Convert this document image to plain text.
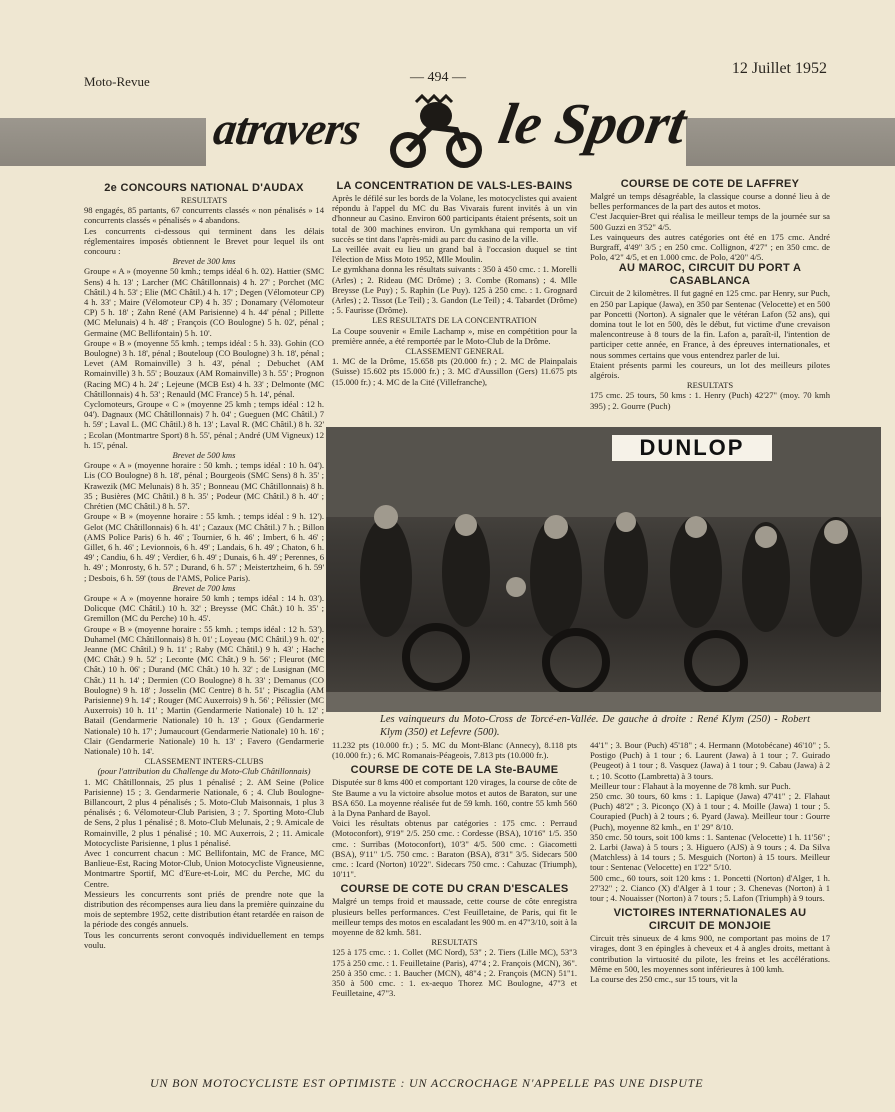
Moto-Revue	— 494 —
12 Juillet 1952
atravers le Sport

2e CONCOURS NATIONAL D'AUDAX

RESULTATS

98 engagés, 85 partants, 67 concurrents classés « non pénalisés » 14 concurrents classés « pénalisés » 4 abandons.

Les concurrents ci-dessous qui terminent dans les délais réglementaires imposés obtiennent le Brevet pour lequel ils ont concouru :

Brevet de 300 kms

Groupe « A » (moyenne 50 kmh.; temps idéal 6 h. 02). Hattier (SMC Sens) 4 h. 13' ; Larcher (MC Châtillonnais) 4 h. 27' ; Porchet (MC Châtil.) 4 h. 53' ; Elie (MC Châtil.) 4 h. 17' ; Degen (Vélomoteur CP) 4 h. 33' ; Maire (Vélomoteur CP) 4 h. 35' ; Donamary (Vélomoteur CP) 5 h. 18' ; Zahn René (AM Parisienne) 4 h. 44' pénal ; Pillette (MC Melunais) 4 h. 48' ; François (CO Boulogne) 5 h. 02', pénal ; Germaine (MC Bellifontain) 5 h. 10'.

Groupe « B » (moyenne 55 kmh. ; temps idéal : 5 h. 33). Gohin (CO Boulogne) 3 h. 18', pénal ; Bouteloup (CO Boulogne) 3 h. 18', pénal ; Levet (AM Romainville) 3 h. 43', pénal ; Debuchet (AM Romainville) 3 h. 55' ; Bouzaux (AM Romainville) 3 h. 55' ; Prognon (Racing MC) 4 h. 24' ; Lejeune (MCB Est) 4 h. 33' ; Delmonte (MC Châtillonnais) 4 h. 53' ; Renauld (MC France) 5 h. 14', pénal.

Cyclomoteurs, Groupe « C » (moyenne 25 kmh ; temps idéal : 12 h. 04'). Dagnaux (MC Châtillonnais) 7 h. 04' ; Gueguen (MC Châtil.) 7 h. 59' ; Laval L. (MC Châtil.) 8 h. 13' ; Laval R. (MC Châtil.) 8 h. 32' ; Ecolan (Montmartre Sport) 8 h. 55', pénal ; André (UM Vigneux) 12 h. 15', pénal.

Brevet de 500 kms

Groupe « A » (moyenne horaire : 50 kmh. ; temps idéal : 10 h. 04'). Lis (CO Boulogne) 8 h. 18', pénal ; Bourgeois (SMC Sens) 8 h. 35' ; Krawezik (MC Melunais) 8 h. 35' ; Bonneau (MC Châtillonnais) 8 h. 35 ; Busières (MC Châtil.) 8 h. 35' ; Podeur (MC Châtil.) 8 h. 40' ; Chrétien (MC Châtil.) 8 h. 57'.

Groupe « B » (moyenne horaire : 55 kmh. ; temps idéal : 9 h. 12'). Gelot (MC Châtillonnais) 6 h. 41' ; Cazaux (MC Châtil.) 7 h. ; Billon (AMS Police Paris) 6 h. 46' ; Tournier, 6 h. 46' ; Imbert, 6 h. 46' ; Gillet, 6 h. 46' ; Levionnois, 6 h. 49' ; Landais, 6 h. 49' ; Chaton, 6 h. 49' ; Candiu, 6 h. 49' ; Verdier, 6 h. 49' ; Dunais, 6 h. 49' ; Perennes, 6 h. 49' ; Monrosty, 6 h. 57' ; Durand, 6 h. 57' ; Meistertzheim, 6 h. 59' ; Desbois, 6 h. 59' (tous de l'AMS, Police Paris).

Brevet de 700 kms

Groupe « A » (moyenne horaire 50 kmh ; temps idéal : 14 h. 03'). Dolicque (MC Châtil.) 10 h. 32' ; Breysse (MC Chât.) 10 h. 35' ; Gremillon (MC du Perche) 10 h. 45'.

Groupe « B » (moyenne horaire : 55 kmh. ; temps idéal : 12 h. 53'). Duhamel (MC Châtillonnais) 8 h. 01' ; Loyeau (MC Châtil.) 9 h. 02' ; Jeanne (MC Châtil.) 9 h. 11' ; Raby (MC Châtil.) 9 h. 43' ; Hache (MC Chât.) 9 h. 52' ; Leconte (MC Chât.) 9 h. 56' ; Fleurot (MC Chât.) 10 h. 06' ; Durand (MC Chât.) 10 h. 32' ; de Lusignan (MC Chât.) 11 h. 14' ; Dermien (CO Boulogne) 8 h. 33' ; Demanus (CO Boulogne) 9 h. 18' ; Josselin (MC Centre) 8 h. 51' ; Piscaglia (AM Parisienne) 9 h. 14' ; Rouger (MC Auxerrois) 9 h. 56' ; Pélissier (MC Auxerrois) 10 h. 11' ; Martin (Gendarmerie Nationale) 10 h. 12' ; Batail (Gendarmerie Nationale) 10 h. 13' ; Goux (Gendarmerie Nationale) 10 h. 17' ; Jumaucourt (Gendarmerie Nationale) 10 h. 16' ; Clair (Gendarmerie Nationale) 10 h. 13' ; Favero (Gendarmerie Nationale) 10 h. 14'.

CLASSEMENT INTERS-CLUBS

(pour l'attribution du Challenge du Moto-Club Châtillonnais)

1. MC Châtillonnais, 25 plus 1 pénalisé ; 2. AM Seine (Police Parisienne) 15 ; 3. Gendarmerie Nationale, 6 ; 4. Club Boulogne-Billancourt, 2 plus 4 pénalisés ; 5. Moto-Club Maisonnais, 1 plus 3 pénalisés ; 6. Vélomoteur-Club Parisien, 3 ; 7. Sporting Moto-Club de Sens, 2 plus 1 pénalisé ; 8. Moto-Club Melunais, 2 ; 9. Amicale de Romainville, 2 plus 1 pénalisé ; 10. MC Auxerrois, 2 ; 11. Amicale Motocycliste Parisienne, 1 plus 1 pénalisé.

Avec 1 concurrent chacun : MC Bellifontain, MC de France, MC Banlieue-Est, Racing Motor-Club, Union Motocycliste Vigneusienne, Montmartre Sportif, MC d'Eure-et-Loir, MC du Perche, MC du Centre.

Messieurs les concurrents sont priés de prendre note que la distribution des récompenses aura lieu dans la première quinzaine du mois de septembre 1952, cette distribution étant retardée en raison de la période des congés annuels.

Tous les concurrents seront convoqués individuellement en temps voulu.

LA CONCENTRATION DE VALS-LES-BAINS

Après le défilé sur les bords de la Volane, les motocyclistes qui avaient répondu à l'appel du MC du Bas Vivarais furent invités à un vin d'honneur au Casino. Environ 600 participants étaient présents, soit un total de 300 machines environ. Un gymkhana qui remporta un vif succès se tint dans l'après-midi au parc du casino de la ville.

La veillée avait eu lieu un grand bal à l'occasion duquel se tint l'élection de Miss Moto 1952, Mlle Moulin.

Le gymkhana donna les résultats suivants : 350 à 450 cmc. : 1. Morelli (Arles) ; 2. Rideau (MC Drôme) ; 3. Combe (Romans) ; 4. Mlle Breysse (Le Puy) ; 5. Raphin (Le Puy). 125 à 250 cmc. : 1. Grognard (Arles) ; 2. Tissot (Le Teil) ; 3. Gandon (Le Teil) ; 4. Tabardet (Drôme) ; 5. Faurisse (Drôme).

LES RESULTATS DE LA CONCENTRATION

La Coupe souvenir « Emile Lachamp », mise en compétition pour la première année, a été remportée par le Moto-Club de la Drôme.

CLASSEMENT GENERAL

1. MC de la Drôme, 15.658 pts (20.000 fr.) ; 2. MC de Plainpalais (Suisse) 15.602 pts 15.000 fr.) ; 3. MC d'Aussillon (Gers) 11.675 pts (15.000 fr.) ; 4. MC de la Cité (Villefranche),

COURSE DE COTE DE LAFFREY

Malgré un temps désagréable, la classique course a donné lieu à de belles performances de la part des autos et motos.

C'est Jacquier-Bret qui réalisa le meilleur temps de la journée sur sa 500 Guzzi en 3'52" 4/5.

Les vainqueurs des autres catégories ont été en 175 cmc. André Burgraff, 4'49" 3/5 ; en 250 cmc. Collignon, 4'27" ; en 350 cmc. de Polo, 4'2" 4/5, et en 1.000 cmc. de Polo, 4'20" 4/5.

AU MAROC, CIRCUIT DU PORT A CASABLANCA

Circuit de 2 kilomètres. Il fut gagné en 125 cmc. par Henry, sur Puch, en 250 par Lapique (Jawa), en 350 par Sentenac (Velocette) et en 500 par Poncetti (Norton). A signaler que le vétéran Lafon (52 ans), qui domina tout le lot en 500, dès le début, fut victime d'une crevaison malencontreuse à 8 tours de la fin. Lafon a, paraît-il, l'intention de participer cette année, en France, à des épreuves internationales, et nous sommes certains que vous entendrez parler de lui.

Etaient présents parmi les coureurs, un lot des meilleurs pilotes algérois.

RESULTATS

175 cmc. 25 tours, 50 kms : 1. Henry (Puch) 42'27" (moy. 70 kmh 395) ; 2. Gourre (Puch)

DUNLOP
Les vainqueurs du Moto-Cross de Torcé-en-Vallée. De gauche à droite : René Klym (250) - Robert Klym (350) et Lefevre (500).

11.232 pts (10.000 fr.) ; 5. MC du Mont-Blanc (Annecy), 8.118 pts (10.000 fr.) ; 6. MC Romanais-Péageois, 7.813 pts (10.000 fr.).

COURSE DE COTE DE LA Ste-BAUME

Disputée sur 8 kms 400 et comportant 120 virages, la course de côte de Ste Baume a vu la victoire absolue motos et autos de Baraton, sur une BSA 650. La moyenne réalisée fut de 59 kmh. 160, contre 55 kmh 560 à la Dyna Panhard de Bayol.

Voici les résultats obtenus par catégories : 175 cmc. : Perraud (Motoconfort), 9'19" 2/5. 250 cmc. : Cordesse (BSA), 10'16" 1/5. 350 cmc. : Surribas (Motoconfort), 10'3" 4/5. 500 cmc. : Giacometti (BSA), 9'11" 1/5. 750 cmc. : Baraton (BSA), 8'31" 3/5. Sidecars 500 cmc. : Icard (Norton) 10'22". Sidecars 750 cmc. : Cahuzac (Triumph), 10'11".

COURSE DE COTE DU CRAN D'ESCALES

Malgré un temps froid et maussade, cette course de côte enregistra plusieurs belles performances. C'est Feuilletaine, de Paris, qui fit le meilleur temps des motos en escaladant les 900 m. en 47"3/10, soit à la moyenne de 82 kmh. 581.

RESULTATS

125 à 175 cmc. : 1. Collet (MC Nord), 53" ; 2. Tiers (Lille MC), 53"3 175 à 250 cmc. : 1. Feuilletaine (Paris), 47"4 ; 2. François (MCN), 36". 250 à 350 cmc. : 1. Baucher (MCN), 48"4 ; 2. François (MCN) 51"1. 350 à 500 cmc. : 1. ex-aequo Thorez MC Boulogne, 47"3 et Feuilletaine, 47"3.

44'1" ; 3. Bour (Puch) 45'18" ; 4. Hermann (Motobécane) 46'10" ; 5. Postigo (Puch) à 1 tour ; 6. Laurent (Jawa) à 1 tour ; 7. Guirado (Peugeot) à 1 tour ; 8. Vasquez (Jawa) à 1 tour ; 9. Cabau (Jawa) à 2 t. ; 10. Scotto (Lambretta) à 3 tours.

Meilleur tour : Flahaut à la moyenne de 78 kmh. sur Puch.

250 cmc. 30 tours, 60 kms : 1. Lapique (Jawa) 47'41" ; 2. Flahaut (Puch) 48'2" ; 3. Piconço (X) à 1 tour ; 4. Moille (Jawa) 1 tour ; 5. Courapied (Puch) à 2 tours ; 6. Pyard (Jawa). Meilleur tour : Gourre (Puch), moyenne 82 kmh., en 1' 29" 8/10.

350 cmc. 50 tours, soit 100 kms : 1. Santenac (Velocette) 1 h. 11'56" ; 2. Larbi (Jawa) à 5 tours ; 3. Higuero (AJS) à 9 tours ; 4. Da Silva (Matchless) à 14 tours ; 5. Mesguich (Norton) à 15 tours. Meilleur tour : Sentenac (Velocette) en 1'22" 5/10.

500 cmc., 60 tours, soit 120 kms : 1. Poncetti (Norton) d'Alger, 1 h. 27'32" ; 2. Cianco (X) d'Alger à 1 tour ; 3. Chenevas (Norton) à 1 tour ; 4. Nouaisser (Norton) à 7 tours ; 5. Lafon (Triumph) à 9 tours.

VICTOIRES INTERNATIONALES AU CIRCUIT DE MONJOIE

Circuit très sinueux de 4 kms 900, ne comportant pas moins de 17 virages, dont 3 en épingles à cheveux et 4 à angles droits, mettant à contribution la virtuosité du pilote, les freins et les accélérations. Même en 500, les moyennes sont inférieures à 100 kmh.

La course des 250 cmc., sur 15 tours, vit la

UN BON MOTOCYCLISTE EST OPTIMISTE : UN ACCROCHAGE N'APPELLE PAS UNE DISPUTE
